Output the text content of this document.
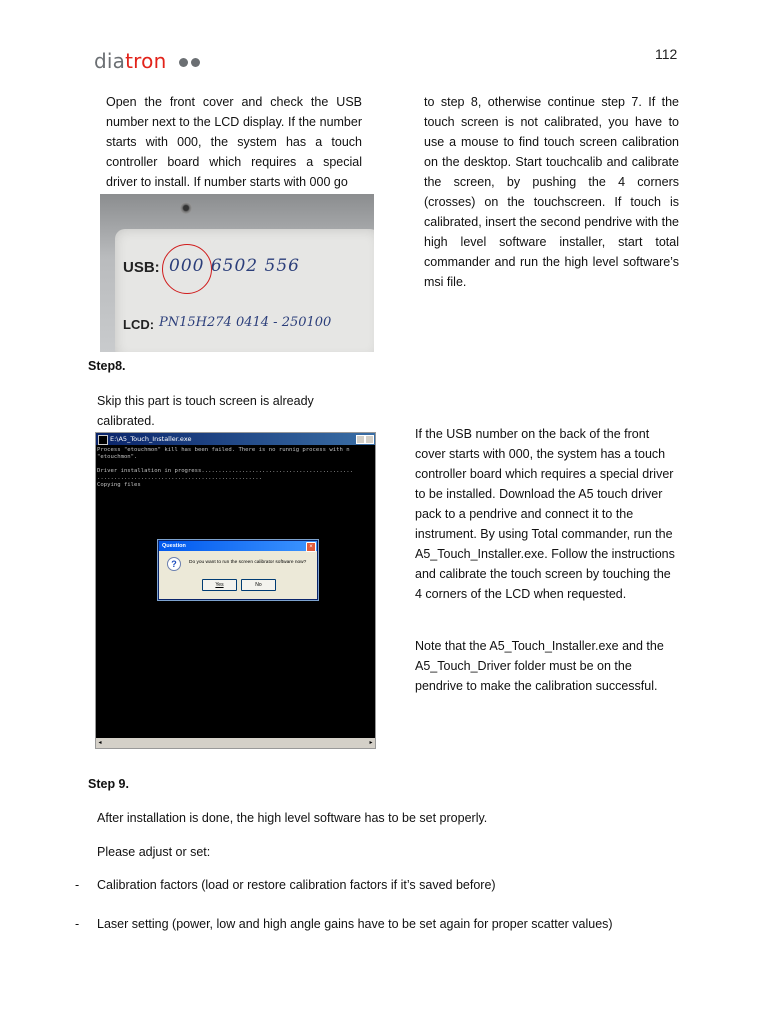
diatron	112
Open the front cover and check the USB number next to the LCD display. If the number starts with 000, the system has a touch controller board which requires a special driver to install. If number starts with 000 go
USB: 000 6502 556
LCD: PN15H274 0414 - 250100
Step8.
Skip this part is touch screen is already calibrated.
to step 8, otherwise continue step 7. If the touch screen is not calibrated, you have to use a mouse to find touch screen calibration on the desktop. Start touchcalib and calibrate the screen, by pushing the 4 corners (crosses) on the touchscreen. If touch is calibrated, insert the second pendrive with the high level software installer, start total commander and run the high level software’s msi file.
If the USB number on the back of the front cover starts with 000, the system has a touch controller board which requires a special driver to be installed. Download the A5 touch driver pack to a pendrive and connect it to the instrument. By using Total commander, run the A5_Touch_Installer.exe. Follow the instructions and calibrate the touch screen by touching the 4 corners of the LCD when requested.
Note that the A5_Touch_Installer.exe and the A5_Touch_Driver folder must be on the pendrive to make the calibration successful.
E:\A5_Touch_Installer.exe
Process "etouchmon" kill has been failed. There is no runnig process with n
"etouchmon".

Driver installation in progress.............................................
.................................................
Copying files
Question	×
?	Do you want to run the screen calibrator software now?
Yes	No
◂	▸
Step 9.
After installation is done, the high level software has to be set properly.
Please adjust or set:
- Calibration factors (load or restore calibration factors if it’s saved before)
- Laser setting (power, low and high angle gains have to be set again for proper scatter values)
